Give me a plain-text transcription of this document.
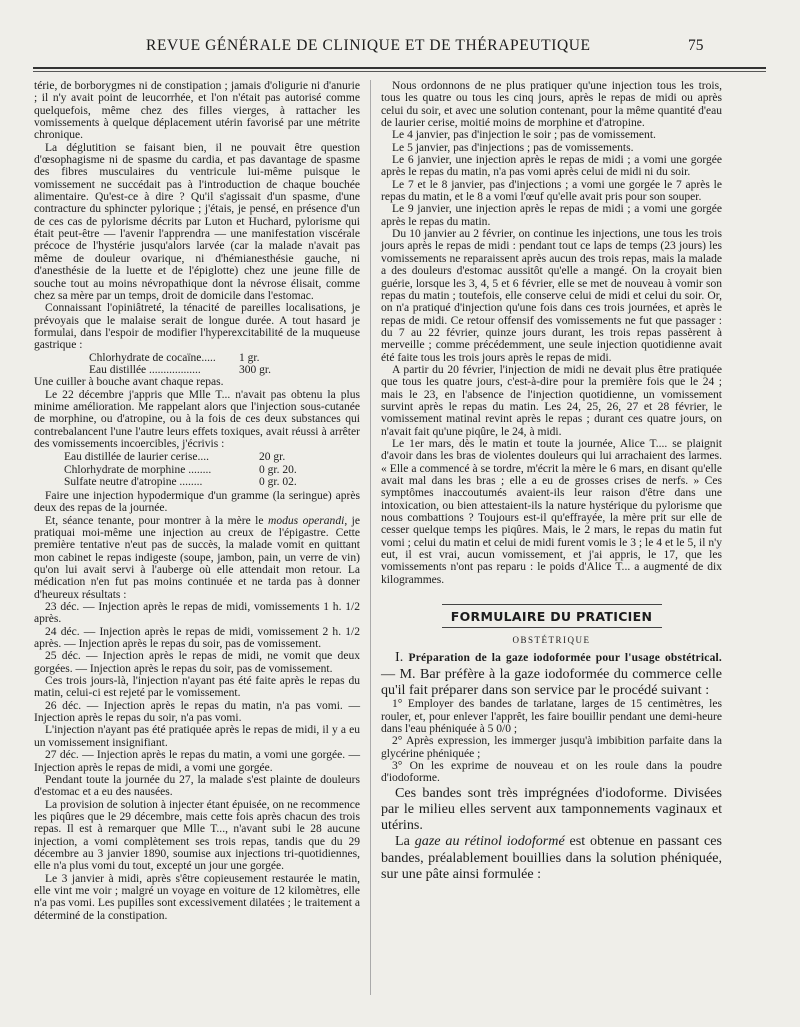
REVUE GÉNÉRALE DE CLINIQUE ET DE THÉRAPEUTIQUE	75

térie, de borborygmes ni de constipation ; jamais d'oligurie ni d'anurie ; il n'y avait point de leucorrhée, et l'on n'était pas autorisé comme quelquefois, même chez des filles vierges, à rattacher les vomissements à quelque déplacement utérin favorisé par une métrite chronique.

La déglutition se faisant bien, il ne pouvait être question d'œsophagisme ni de spasme du cardia, et pas davantage de spasme des fibres musculaires du ventricule lui-même puisque le vomissement ne succédait pas à l'introduction de chaque bouchée alimentaire. Qu'est-ce à dire ? Qu'il s'agissait d'un spasme, d'une contracture du sphincter pylorique ; j'étais, je pensé, en présence d'un de ces cas de pylorisme décrits par Luton et Huchard, pylorisme qui était peut-être — l'avenir l'apprendra — une manifestation viscérale précoce de l'hystérie jusqu'alors larvée (car la malade n'avait pas même de douleur ovarique, ni d'hémianesthésie gauche, ni d'anesthésie de la luette et de l'épiglotte) chez une jeune fille de souche tout au moins névropathique dont la névrose élisait, comme chez sa mère par un temps, droit de domicile dans l'estomac.

Connaissant l'opiniâtreté, la ténacité de pareilles localisations, je prévoyais que le malaise serait de longue durée. A tout hasard je formulai, dans l'espoir de modifier l'hyperexcitabilité de la muqueuse gastrique :

Chlorhydrate de cocaïne.....	1 gr.
Eau distillée ..................	300 gr.

Une cuiller à bouche avant chaque repas.

Le 22 décembre j'appris que Mlle T... n'avait pas obtenu la plus minime amélioration. Me rappelant alors que l'injection sous-cutanée de morphine, ou d'atropine, ou à la fois de ces deux substances qui contrebalancent l'une l'autre leurs effets toxiques, avait réussi à arrêter des vomissements incoercibles, j'écrivis :

Eau distillée de laurier cerise....	20 gr.
Chlorhydrate de morphine ........	0 gr. 20.
Sulfate neutre d'atropine ........	0 gr. 02.

Faire une injection hypodermique d'un gramme (la seringue) après deux des repas de la journée.

Et, séance tenante, pour montrer à la mère le modus operandi, je pratiquai moi-même une injection au creux de l'épigastre. Cette première tentative n'eut pas de succès, la malade vomit en quittant mon cabinet le repas indigeste (soupe, jambon, pain, un verre de vin) qu'on lui avait servi à l'auberge où elle attendait mon retour. La médication n'en fut pas moins continuée et ne tarda pas à donner d'heureux résultats :

23 déc. — Injection après le repas de midi, vomissements 1 h. 1/2 après.

24 déc. — Injection après le repas de midi, vomissement 2 h. 1/2 après. — Injection après le repas du soir, pas de vomissement.

25 déc. — Injection après le repas de midi, ne vomit que deux gorgées. — Injection après le repas du soir, pas de vomissement.

Ces trois jours-là, l'injection n'ayant pas été faite après le repas du matin, celui-ci est rejeté par le vomissement.

26 déc. — Injection après le repas du matin, n'a pas vomi. — Injection après le repas du soir, n'a pas vomi.

L'injection n'ayant pas été pratiquée après le repas de midi, il y a eu un vomissement insignifiant.

27 déc. — Injection après le repas du matin, a vomi une gorgée. — Injection après le repas de midi, a vomi une gorgée.

Pendant toute la journée du 27, la malade s'est plainte de douleurs d'estomac et a eu des nausées.

La provision de solution à injecter étant épuisée, on ne recommence les piqûres que le 29 décembre, mais cette fois après chacun des trois repas. Il est à remarquer que Mlle T..., n'avant subi le 28 aucune injection, a vomi complètement ses trois repas, tandis que du 29 décembre au 3 janvier 1890, soumise aux injections tri-quotidiennes, elle n'a plus vomi du tout, excepté un jour une gorgée.

Le 3 janvier à midi, après s'être copieusement restaurée le matin, elle vint me voir ; malgré un voyage en voiture de 12 kilomètres, elle n'a pas vomi. Les pupilles sont excessivement dilatées ; le traitement a déterminé de la constipation.

Nous ordonnons de ne plus pratiquer qu'une injection tous les trois, tous les quatre ou tous les cinq jours, après le repas de midi ou après celui du soir, et avec une solution contenant, pour la même quantité d'eau de laurier cerise, moitié moins de morphine et d'atropine.

Le 4 janvier, pas d'injection le soir ; pas de vomissement.

Le 5 janvier, pas d'injections ; pas de vomissements.

Le 6 janvier, une injection après le repas de midi ; a vomi une gorgée après le repas du matin, n'a pas vomi après celui de midi ni du soir.

Le 7 et le 8 janvier, pas d'injections ; a vomi une gorgée le 7 après le repas du matin, et le 8 a vomi l'œuf qu'elle avait pris pour son souper.

Le 9 janvier, une injection après le repas de midi ; a vomi une gorgée après le repas du matin.

Du 10 janvier au 2 février, on continue les injections, une tous les trois jours après le repas de midi : pendant tout ce laps de temps (23 jours) les vomissements ne reparaissent après aucun des trois repas, mais la malade a des douleurs d'estomac aussitôt qu'elle a mangé. On la croyait bien guérie, lorsque les 3, 4, 5 et 6 février, elle se met de nouveau à vomir son repas du matin ; toutefois, elle conserve celui de midi et celui du soir. Or, on n'a pratiqué d'injection qu'une fois dans ces trois journées, et après le repas de midi. Ce retour offensif des vomissements ne fut que passager : du 7 au 22 février, quinze jours durant, les trois repas passèrent à merveille ; comme précédemment, une seule injection quotidienne avait été faite tous les trois jours après le repas de midi.

A partir du 20 février, l'injection de midi ne devait plus être pratiquée que tous les quatre jours, c'est-à-dire pour la première fois que le 24 ; mais le 23, en l'absence de l'injection quotidienne, un vomissement survint après le repas du matin. Les 24, 25, 26, 27 et 28 février, le vomissement matinal revint après le repas ; durant ces quatre jours, on n'avait fait qu'une piqûre, le 24, à midi.

Le 1er mars, dès le matin et toute la journée, Alice T.... se plaignit d'avoir dans les bras de violentes douleurs qui lui arrachaient des larmes. « Elle a commencé à se tordre, m'écrit la mère le 6 mars, en disant qu'elle avait mal dans les bras ; elle a eu de grosses crises de nerfs. » Ces symptômes inaccoutumés avaient-ils leur raison d'être dans une intoxication, ou bien attestaient-ils la nature hystérique du pylorisme que nous combattions ? Toujours est-il qu'effrayée, la mère prit sur elle de cesser quelque temps les piqûres. Mais, le 2 mars, le repas du matin fut vomi ; celui du matin et celui de midi furent vomis le 3 ; le 4 et le 5, il n'y eut, il est vrai, aucun vomissement, et j'ai appris, le 17, que les vomissements n'ont pas reparu : le poids d'Alice T... a augmenté de dix kilogrammes.

FORMULAIRE DU PRATICIEN
OBSTÉTRIQUE

I. Préparation de la gaze iodoformée pour l'usage obstétrical. — M. Bar préfère à la gaze iodoformée du commerce celle qu'il fait préparer dans son service par le procédé suivant :

1° Employer des bandes de tarlatane, larges de 15 centimètres, les rouler, et, pour enlever l'apprêt, les faire bouillir pendant une demi-heure dans l'eau phéniquée à 5 0/0 ;

2° Après expression, les immerger jusqu'à imbibition parfaite dans la glycérine phéniquée ;

3° On les exprime de nouveau et on les roule dans la poudre d'iodoforme.

Ces bandes sont très imprégnées d'iodoforme. Divisées par le milieu elles servent aux tamponnements vaginaux et utérins.

La gaze au rétinol iodoformé est obtenue en passant ces bandes, préalablement bouillies dans la solution phéniquée, sur une pâte ainsi formulée :
